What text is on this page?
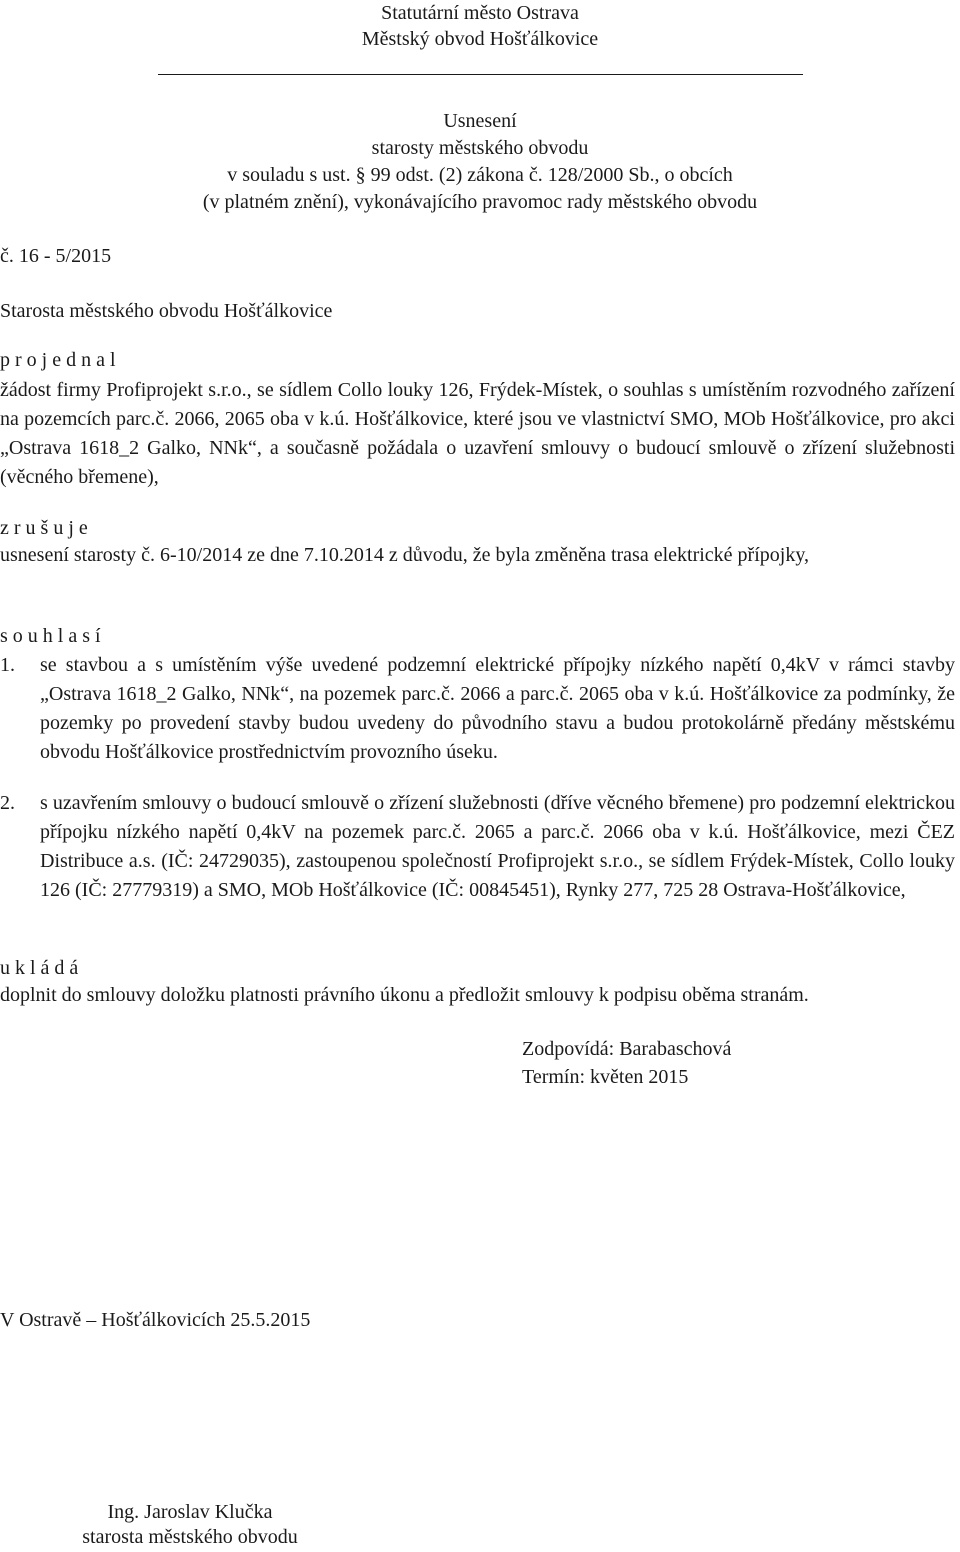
Statutární město Ostrava
Městský obvod Hošťálkovice
Usnesení
starosty městského obvodu
v souladu s ust. § 99 odst. (2) zákona č. 128/2000 Sb., o obcích
(v platném znění), vykonávajícího pravomoc rady městského obvodu
č. 16 - 5/2015
Starosta městského obvodu Hošťálkovice
p r o j e d n a l
žádost firmy Profiprojekt s.r.o., se sídlem Collo louky 126, Frýdek-Místek, o souhlas s umístěním rozvodného zařízení na pozemcích parc.č. 2066, 2065 oba v k.ú. Hošťálkovice, které jsou ve vlastnictví SMO, MOb Hošťálkovice, pro akci „Ostrava 1618_2 Galko, NNk“, a současně požádala o uzavření smlouvy o budoucí smlouvě o zřízení služebnosti (věcného břemene),
z r u š u j e
usnesení starosty č. 6-10/2014 ze dne 7.10.2014 z důvodu, že byla změněna trasa elektrické přípojky,
s o u h l a s í
1. se stavbou a s umístěním výše uvedené podzemní elektrické přípojky nízkého napětí 0,4kV v rámci stavby „Ostrava 1618_2 Galko, NNk“, na pozemek parc.č. 2066 a parc.č. 2065 oba v k.ú. Hošťálkovice za podmínky, že pozemky po provedení stavby budou uvedeny do původního stavu a budou protokolárně předány městskému obvodu Hošťálkovice prostřednictvím provozního úseku.
2. s uzavřením smlouvy o budoucí smlouvě o zřízení služebnosti (dříve věcného břemene) pro podzemní elektrickou přípojku nízkého napětí 0,4kV na pozemek parc.č. 2065 a parc.č. 2066 oba v k.ú. Hošťálkovice, mezi ČEZ Distribuce a.s. (IČ: 24729035), zastoupenou společností Profiprojekt s.r.o., se sídlem Frýdek-Místek, Collo louky 126 (IČ: 27779319) a SMO, MOb Hošťálkovice (IČ: 00845451), Rynky 277, 725 28 Ostrava-Hošťálkovice,
u k l á d á
doplnit do smlouvy doložku platnosti právního úkonu a předložit smlouvy k podpisu oběma stranám.
Zodpovídá: Barabaschová
Termín: květen 2015
V Ostravě – Hošťálkovicích 25.5.2015
Ing. Jaroslav Klučka
starosta městského obvodu
